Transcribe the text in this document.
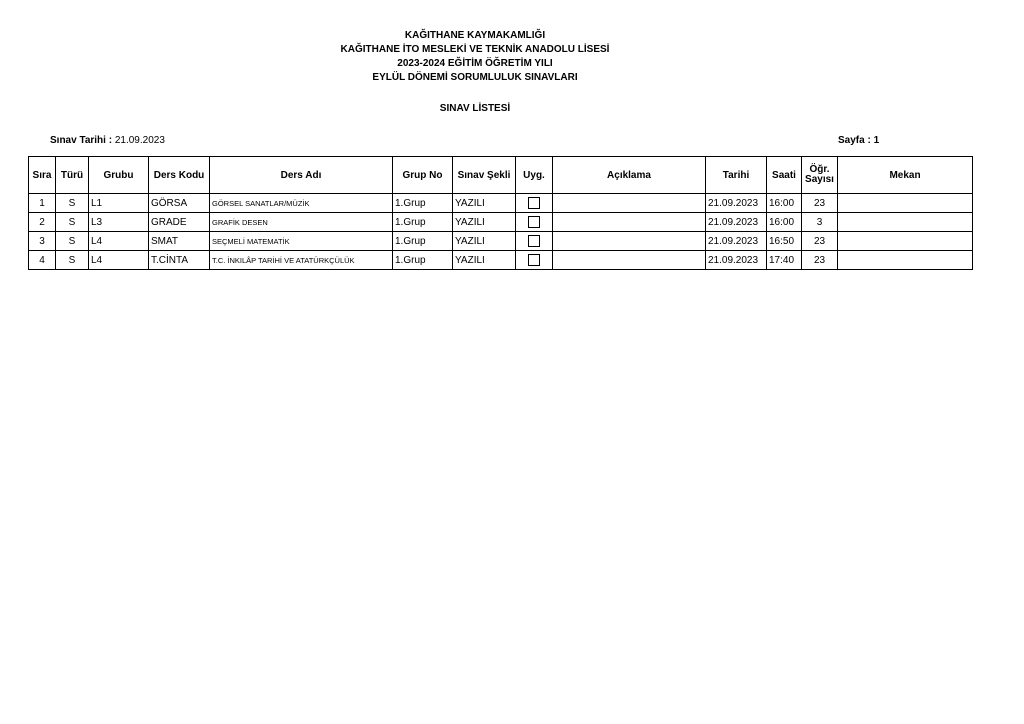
KAĞITHANE KAYMAKAMLIĞI
KAĞITHANE İTO MESLEKİ VE TEKNİK ANADOLU LİSESİ
2023-2024 EĞİTİM ÖĞRETİM YILI
EYLÜL DÖNEMİ SORUMLULUK SINAVLARI
SINAV LİSTESİ
Sınav Tarihi : 21.09.2023	Sayfa : 1
Sıra	Türü	Grubu	Ders Kodu	Ders Adı	Grup No	Sınav Şekli	Uyg.	Açıklama	Tarihi	Saati	Öğr.
Sayısı	Mekan
1	S	L1	GÖRSA	GÖRSEL SANATLAR/MÜZİK	1.Grup	YAZILI			21.09.2023	16:00	23	
2	S	L3	GRADE	GRAFİK DESEN	1.Grup	YAZILI			21.09.2023	16:00	3	
3	S	L4	SMAT	SEÇMELİ MATEMATİK	1.Grup	YAZILI			21.09.2023	16:50	23	
4	S	L4	T.CİNTA	T.C. İNKILÂP TARİHİ VE ATATÜRKÇÜLÜK	1.Grup	YAZILI			21.09.2023	17:40	23	
